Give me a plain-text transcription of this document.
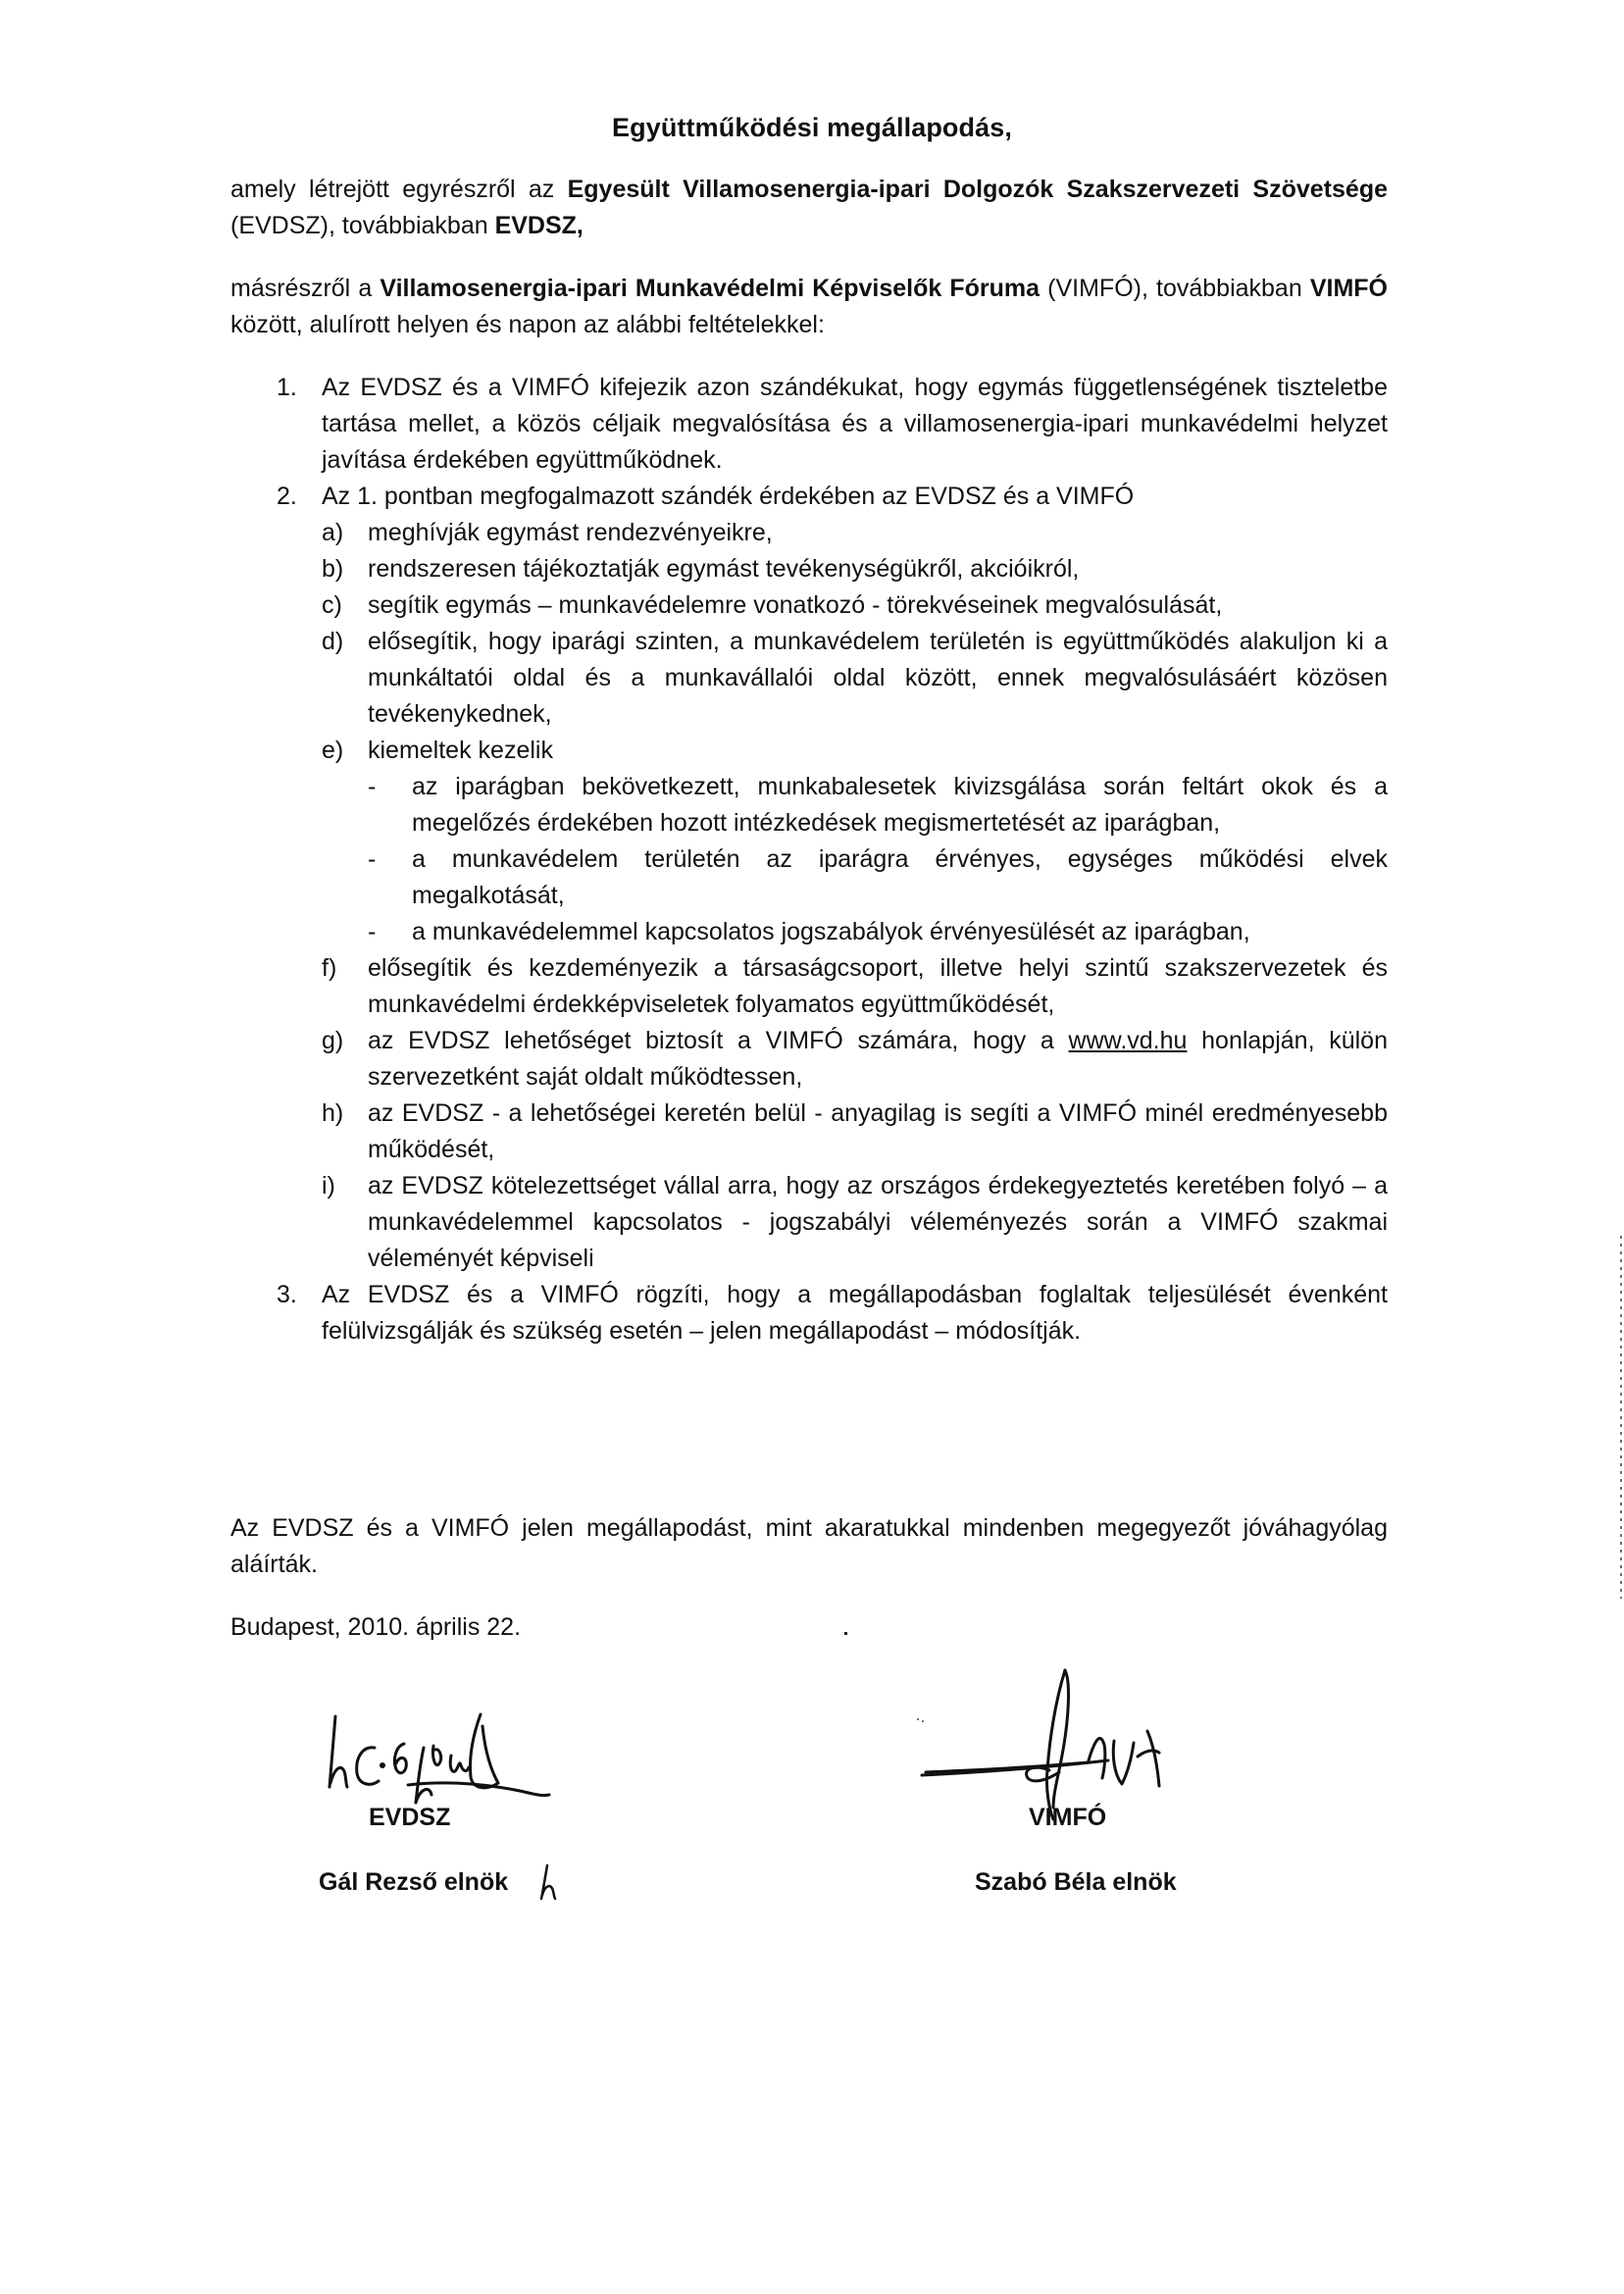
Együttműködési megállapodás,
amely létrejött egyrészről az Egyesült Villamosenergia-ipari Dolgozók Szakszervezeti Szövetsége (EVDSZ), továbbiakban EVDSZ,
másrészről a Villamosenergia-ipari Munkavédelmi Képviselők Fóruma (VIMFÓ), továbbiakban VIMFÓ között, alulírott helyen és napon az alábbi feltételekkel:
1. Az EVDSZ és a VIMFÓ kifejezik azon szándékukat, hogy egymás függetlenségének tiszteletbe tartása mellet, a közös céljaik megvalósítása és a villamosenergia-ipari munkavédelmi helyzet javítása érdekében együttműködnek.
2. Az 1. pontban megfogalmazott szándék érdekében az EVDSZ és a VIMFÓ
a) meghívják egymást rendezvényeikre,
b) rendszeresen tájékoztatják egymást tevékenységükről, akcióikról,
c) segítik egymás – munkavédelemre vonatkozó - törekvéseinek megvalósulását,
d) elősegítik, hogy iparági szinten, a munkavédelem területén is együttműködés alakuljon ki a munkáltatói oldal és a munkavállalói oldal között, ennek megvalósulásáért közösen tevékenykednek,
e) kiemeltek kezelik
- az iparágban bekövetkezett, munkabalesetek kivizsgálása során feltárt okok és a megelőzés érdekében hozott intézkedések megismertetését az iparágban,
- a munkavédelem területén az iparágra érvényes, egységes működési elvek megalkotását,
- a munkavédelemmel kapcsolatos jogszabályok érvényesülését az iparágban,
f) elősegítik és kezdeményezik a társaságcsoport, illetve helyi szintű szakszervezetek és munkavédelmi érdekképviseletek folyamatos együttműködését,
g) az EVDSZ lehetőséget biztosít a VIMFÓ számára, hogy a www.vd.hu honlapján, külön szervezetként saját oldalt működtessen,
h) az EVDSZ - a lehetőségei keretén belül - anyagilag is segíti a VIMFÓ minél eredményesebb működését,
i) az EVDSZ kötelezettséget vállal arra, hogy az országos érdekegyeztetés keretében folyó – a munkavédelemmel kapcsolatos - jogszabályi véleményezés során a VIMFÓ szakmai véleményét képviseli
3. Az EVDSZ és a VIMFÓ rögzíti, hogy a megállapodásban foglaltak teljesülését évenként felülvizsgálják és szükség esetén – jelen megállapodást – módosítják.
Az EVDSZ és a VIMFÓ jelen megállapodást, mint akaratukkal mindenben megegyezőt jóváhagyólag aláírták.
Budapest, 2010. április 22.
EVDSZ
Gál Rezső elnök
VIMFÓ
Szabó Béla elnök
